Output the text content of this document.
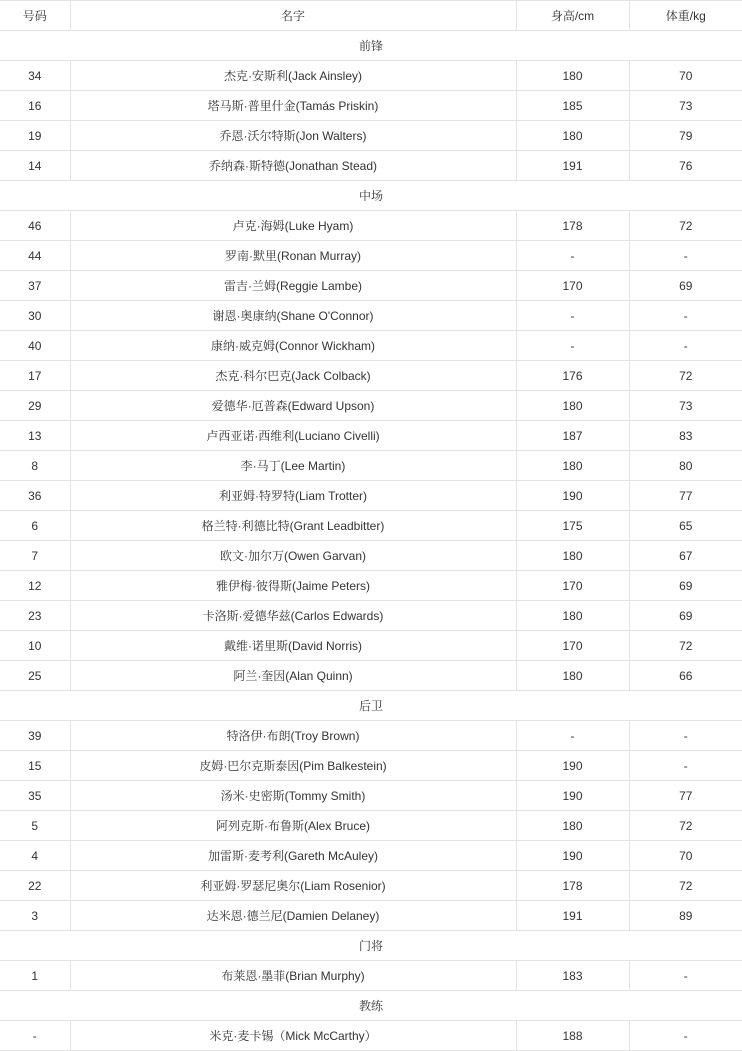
号码	名字	身高/cm	体重/kg
前锋			
34	杰克·安斯利(Jack Ainsley)	180	70
16	塔马斯·普里什金(Tamás Priskin)	185	73
19	乔恩·沃尔特斯(Jon Walters)	180	79
14	乔纳森·斯特德(Jonathan Stead)	191	76
中场			
46	卢克·海姆(Luke Hyam)	178	72
44	罗南·默里(Ronan Murray)	-	-
37	雷吉·兰姆(Reggie Lambe)	170	69
30	谢恩·奥康纳(Shane O'Connor)	-	-
40	康纳·威克姆(Connor Wickham)	-	-
17	杰克·科尔巴克(Jack Colback)	176	72
29	爱德华·厄普森(Edward Upson)	180	73
13	卢西亚诺·西维利(Luciano Civelli)	187	83
8	李·马丁(Lee Martin)	180	80
36	利亚姆·特罗特(Liam Trotter)	190	77
6	格兰特·利德比特(Grant Leadbitter)	175	65
7	欧文·加尔万(Owen Garvan)	180	67
12	雅伊梅·彼得斯(Jaime Peters)	170	69
23	卡洛斯·爱德华兹(Carlos Edwards)	180	69
10	戴维·诺里斯(David Norris)	170	72
25	阿兰·奎因(Alan Quinn)	180	66
后卫			
39	特洛伊·布朗(Troy Brown)	-	-
15	皮姆·巴尔克斯泰因(Pim Balkestein)	190	-
35	汤米·史密斯(Tommy Smith)	190	77
5	阿列克斯·布鲁斯(Alex Bruce)	180	72
4	加雷斯·麦考利(Gareth McAuley)	190	70
22	利亚姆·罗瑟尼奥尔(Liam Rosenior)	178	72
3	达米恩·德兰尼(Damien Delaney)	191	89
门将			
1	布莱恩·墨菲(Brian Murphy)	183	-
教练			
-	米克·麦卡锡（Mick McCarthy）	188	-
